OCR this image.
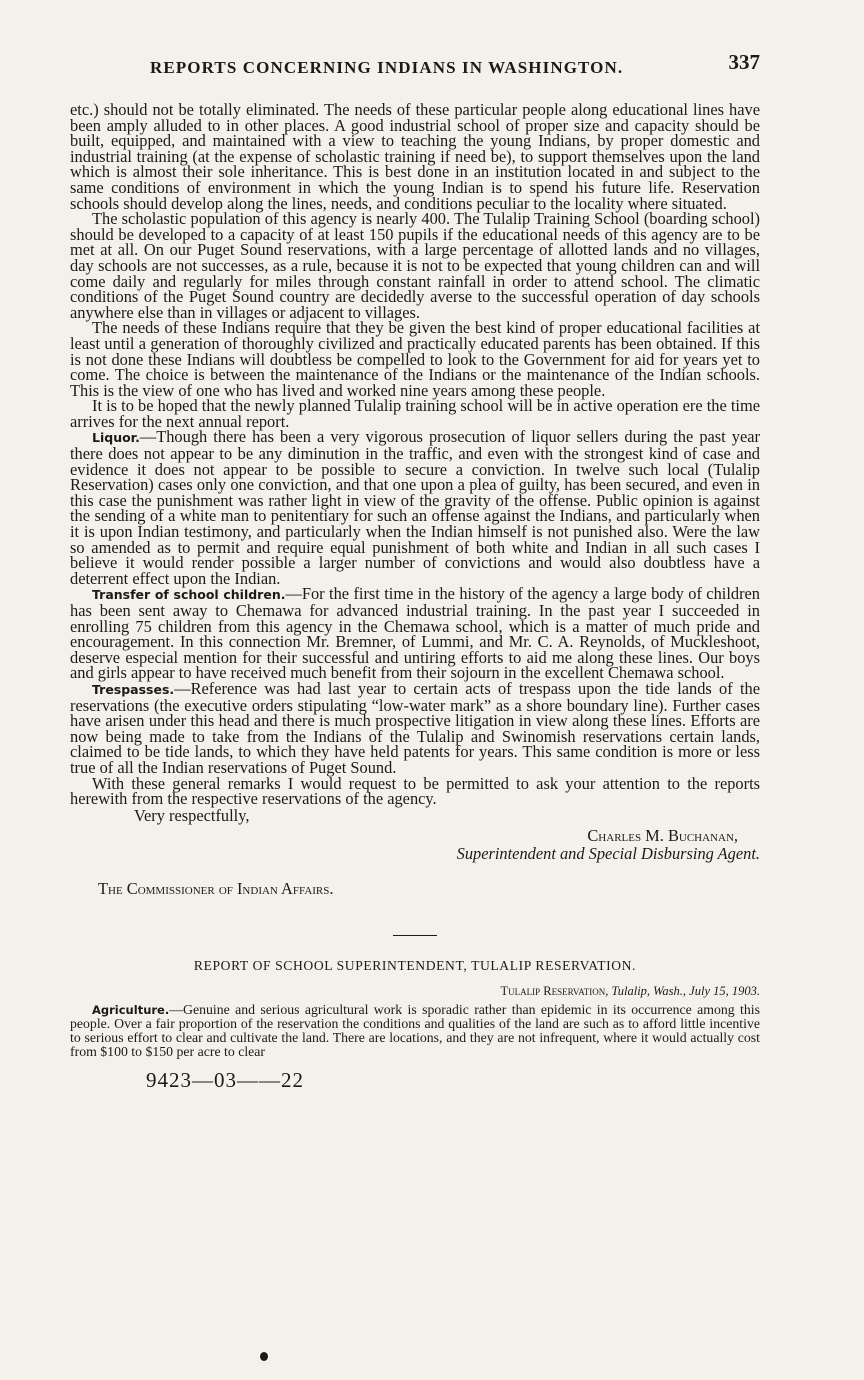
REPORTS CONCERNING INDIANS IN WASHINGTON.	337

etc.) should not be totally eliminated. The needs of these particular people along educational lines have been amply alluded to in other places. A good industrial school of proper size and capacity should be built, equipped, and maintained with a view to teaching the young Indians, by proper domestic and industrial training (at the expense of scholastic training if need be), to support themselves upon the land which is almost their sole inheritance. This is best done in an institution located in and subject to the same conditions of environment in which the young Indian is to spend his future life. Reservation schools should develop along the lines, needs, and conditions peculiar to the locality where situated.

The scholastic population of this agency is nearly 400. The Tulalip Training School (boarding school) should be developed to a capacity of at least 150 pupils if the educational needs of this agency are to be met at all. On our Puget Sound reservations, with a large percentage of allotted lands and no villages, day schools are not successes, as a rule, because it is not to be expected that young children can and will come daily and regularly for miles through constant rainfall in order to attend school. The climatic conditions of the Puget Sound country are decidedly averse to the successful operation of day schools anywhere else than in villages or adjacent to villages.

The needs of these Indians require that they be given the best kind of proper educational facilities at least until a generation of thoroughly civilized and practically educated parents has been obtained. If this is not done these Indians will doubtless be compelled to look to the Government for aid for years yet to come. The choice is between the maintenance of the Indians or the maintenance of the Indian schools. This is the view of one who has lived and worked nine years among these people.

It is to be hoped that the newly planned Tulalip training school will be in active operation ere the time arrives for the next annual report.

Liquor.—Though there has been a very vigorous prosecution of liquor sellers during the past year there does not appear to be any diminution in the traffic, and even with the strongest kind of case and evidence it does not appear to be possible to secure a conviction. In twelve such local (Tulalip Reservation) cases only one conviction, and that one upon a plea of guilty, has been secured, and even in this case the punishment was rather light in view of the gravity of the offense. Public opinion is against the sending of a white man to penitentiary for such an offense against the Indians, and particularly when it is upon Indian testimony, and particularly when the Indian himself is not punished also. Were the law so amended as to permit and require equal punishment of both white and Indian in all such cases I believe it would render possible a larger number of convictions and would also doubtless have a deterrent effect upon the Indian.

Transfer of school children.—For the first time in the history of the agency a large body of children has been sent away to Chemawa for advanced industrial training. In the past year I succeeded in enrolling 75 children from this agency in the Chemawa school, which is a matter of much pride and encouragement. In this connection Mr. Bremner, of Lummi, and Mr. C. A. Reynolds, of Muckleshoot, deserve especial mention for their successful and untiring efforts to aid me along these lines. Our boys and girls appear to have received much benefit from their sojourn in the excellent Chemawa school.

Trespasses.—Reference was had last year to certain acts of trespass upon the tide lands of the reservations (the executive orders stipulating “low-water mark” as a shore boundary line). Further cases have arisen under this head and there is much prospective litigation in view along these lines. Efforts are now being made to take from the Indians of the Tulalip and Swinomish reservations certain lands, claimed to be tide lands, to which they have held patents for years. This same condition is more or less true of all the Indian reservations of Puget Sound.

With these general remarks I would request to be permitted to ask your attention to the reports herewith from the respective reservations of the agency.

Very respectfully,
Charles M. Buchanan,
Superintendent and Special Disbursing Agent.
The Commissioner of Indian Affairs.
REPORT OF SCHOOL SUPERINTENDENT, TULALIP RESERVATION.
Tulalip Reservation, Tulalip, Wash., July 15, 1903.

Agriculture.—Genuine and serious agricultural work is sporadic rather than epidemic in its occurrence among this people. Over a fair proportion of the reservation the conditions and qualities of the land are such as to afford little incentive to serious effort to clear and cultivate the land. There are locations, and they are not infrequent, where it would actually cost from $100 to $150 per acre to clear

9423—03——22
